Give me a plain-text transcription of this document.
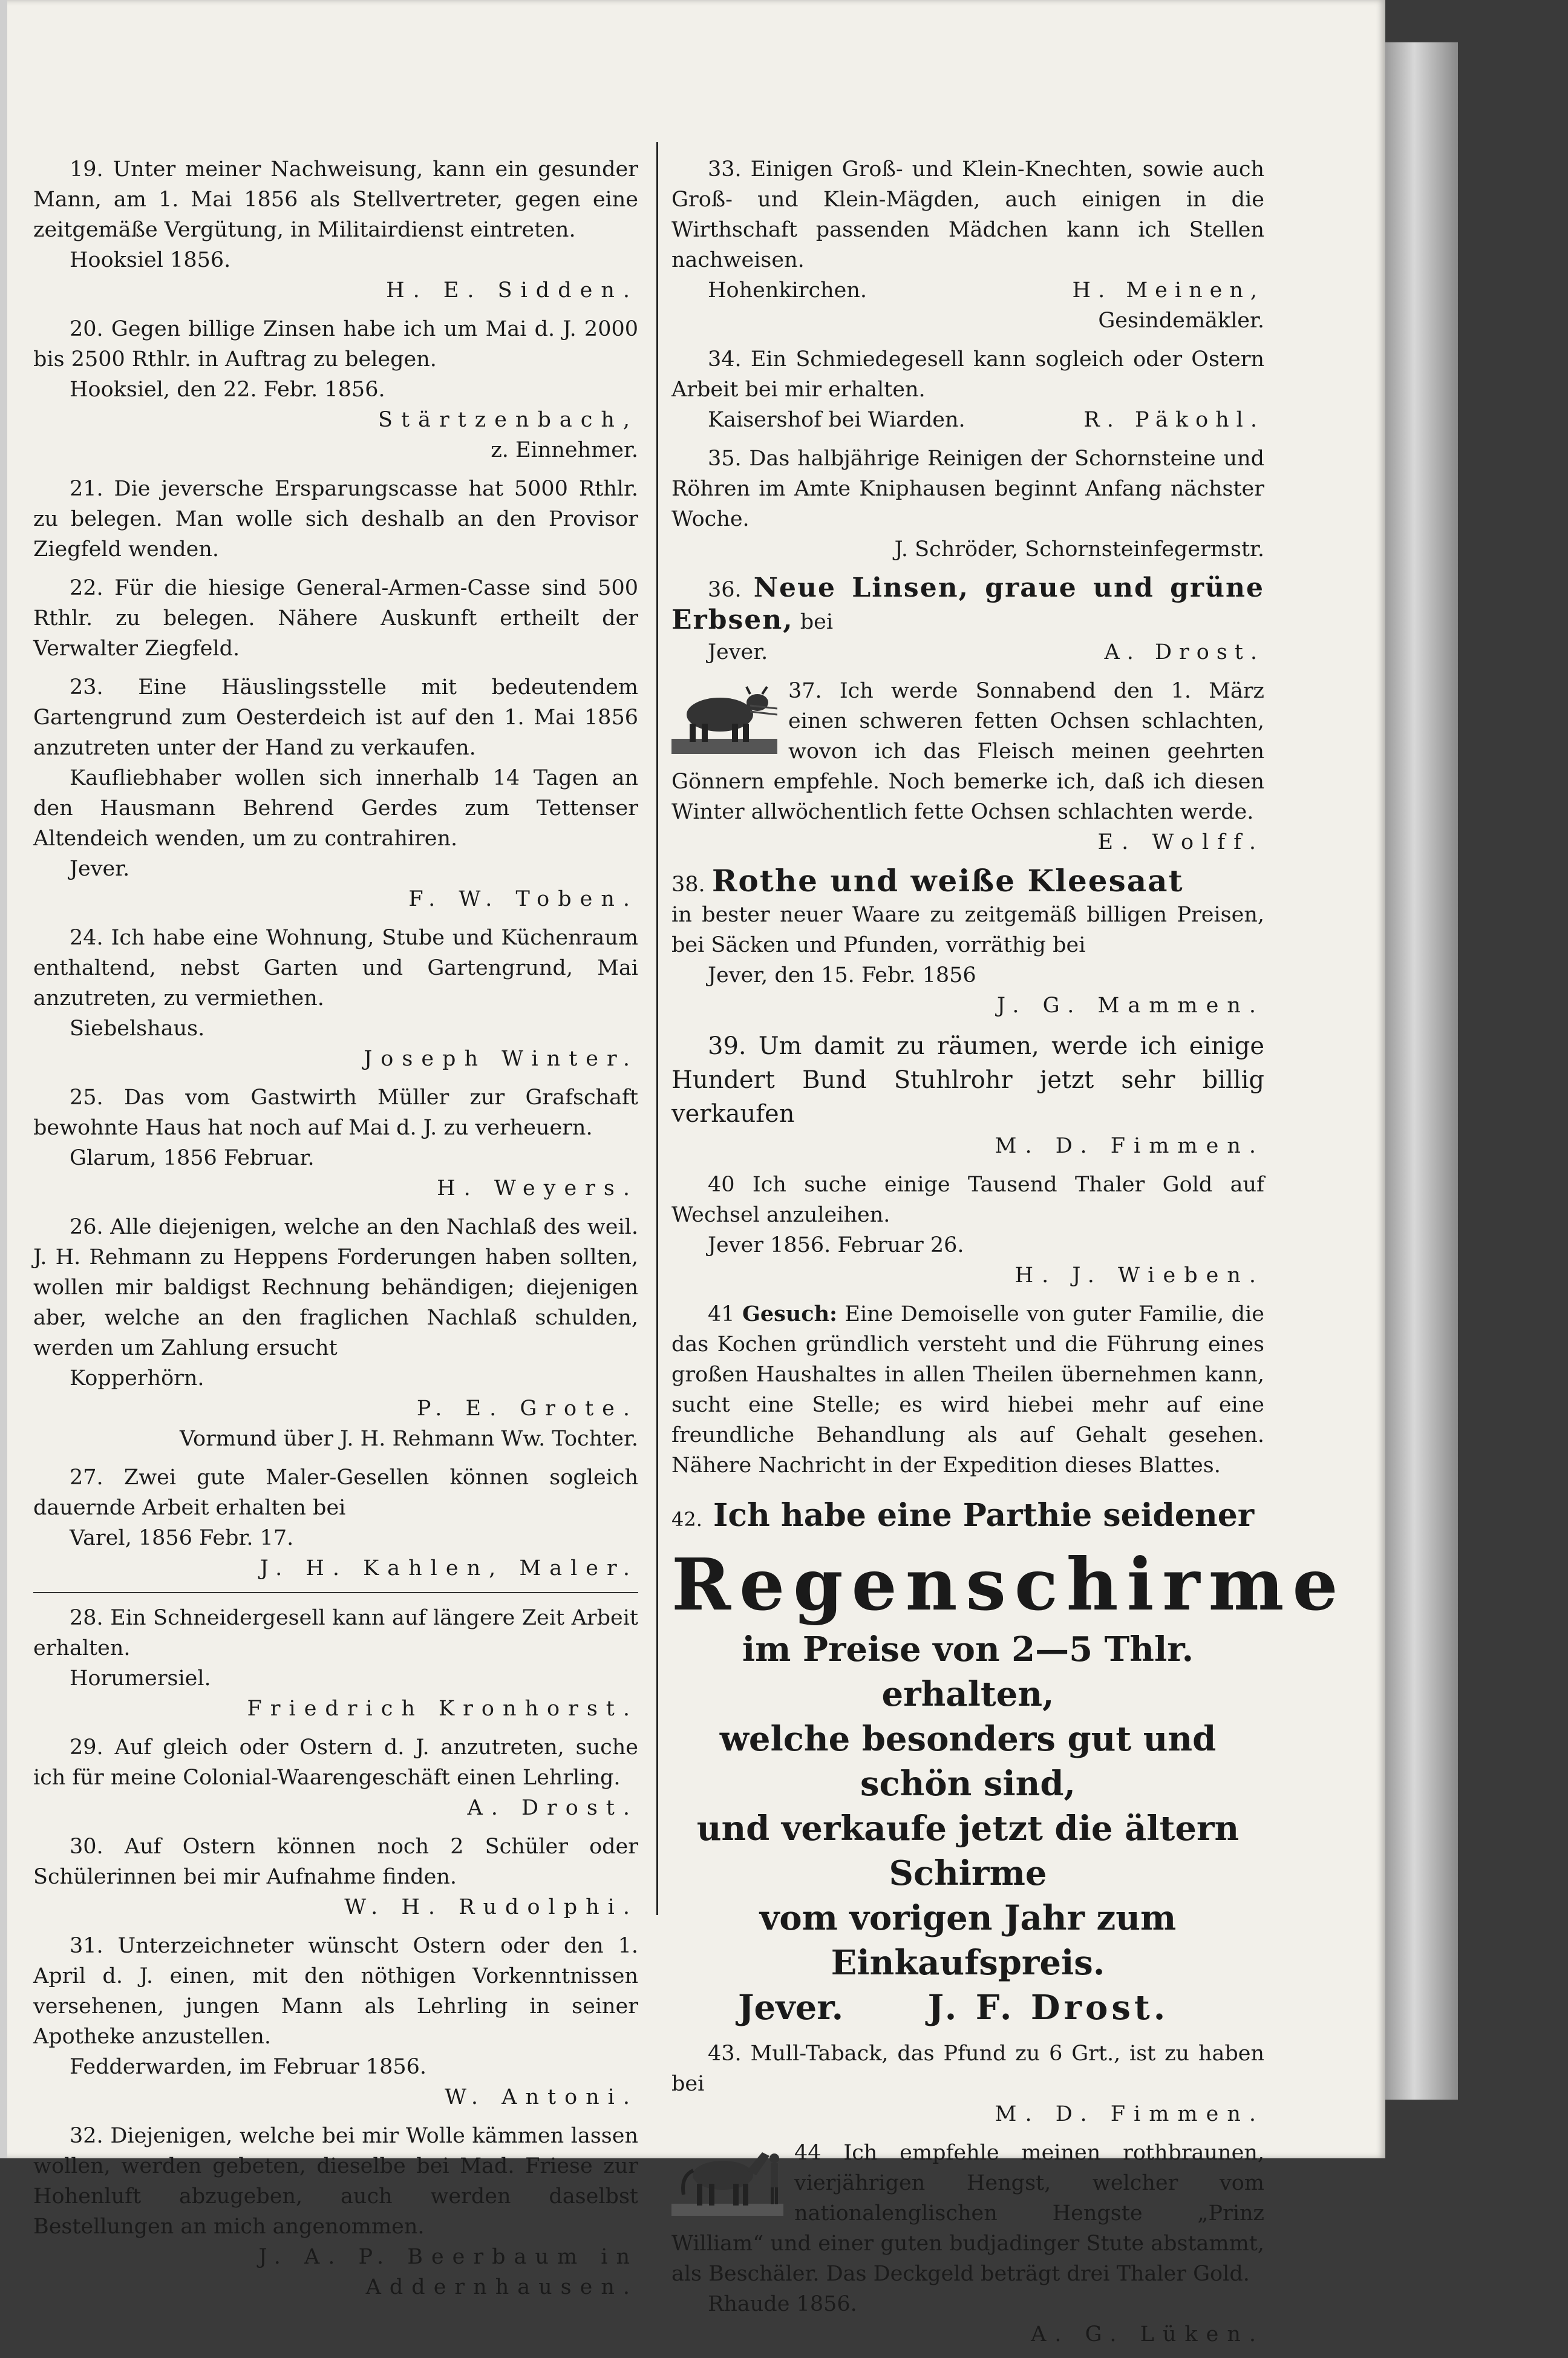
19. Unter meiner Nachweisung, kann ein gesunder Mann, am 1. Mai 1856 als Stellvertreter, gegen eine zeitgemäße Vergütung, in Militairdienst eintreten.

Hooksiel 1856.

H. E. Sidden.

20. Gegen billige Zinsen habe ich um Mai d. J. 2000 bis 2500 Rthlr. in Auftrag zu belegen.

Hooksiel, den 22. Febr. 1856.

Stärtzenbach,

z. Einnehmer.

21. Die jeversche Ersparungscasse hat 5000 Rthlr. zu belegen. Man wolle sich deshalb an den Provisor Ziegfeld wenden.

22. Für die hiesige General-Armen-Casse sind 500 Rthlr. zu belegen. Nähere Auskunft ertheilt der Verwalter Ziegfeld.

23. Eine Häuslingsstelle mit bedeutendem Gartengrund zum Oesterdeich ist auf den 1. Mai 1856 anzutreten unter der Hand zu verkaufen.

Kaufliebhaber wollen sich innerhalb 14 Tagen an den Hausmann Behrend Gerdes zum Tettenser Altendeich wenden, um zu contrahiren.

Jever.

F. W. Toben.

24. Ich habe eine Wohnung, Stube und Küchenraum enthaltend, nebst Garten und Gartengrund, Mai anzutreten, zu vermiethen.

Siebelshaus.

Joseph Winter.

25. Das vom Gastwirth Müller zur Grafschaft bewohnte Haus hat noch auf Mai d. J. zu verheuern.

Glarum, 1856 Februar.

H. Weyers.

26. Alle diejenigen, welche an den Nachlaß des weil. J. H. Rehmann zu Heppens Forderungen haben sollten, wollen mir baldigst Rechnung behändigen; diejenigen aber, welche an den fraglichen Nachlaß schulden, werden um Zahlung ersucht

Kopperhörn.

P. E. Grote.

Vormund über J. H. Rehmann Ww. Tochter.

27. Zwei gute Maler-Gesellen können sogleich dauernde Arbeit erhalten bei

Varel, 1856 Febr. 17.

J. H. Kahlen, Maler.

28. Ein Schneidergesell kann auf längere Zeit Arbeit erhalten.

Horumersiel.

Friedrich Kronhorst.

29. Auf gleich oder Ostern d. J. anzutreten, suche ich für meine Colonial-Waarengeschäft einen Lehrling.

A. Drost.

30. Auf Ostern können noch 2 Schüler oder Schülerinnen bei mir Aufnahme finden.

W. H. Rudolphi.

31. Unterzeichneter wünscht Ostern oder den 1. April d. J. einen, mit den nöthigen Vorkenntnissen versehenen, jungen Mann als Lehrling in seiner Apotheke anzustellen.

Fedderwarden, im Februar 1856.

W. Antoni.

32. Diejenigen, welche bei mir Wolle kämmen lassen wollen, werden gebeten, dieselbe bei Mad. Friese zur Hohenluft abzugeben, auch werden daselbst Bestellungen an mich angenommen.

J. A. P. Beerbaum in Addernhausen.

33. Einigen Groß- und Klein-Knechten, sowie auch Groß- und Klein-Mägden, auch einigen in die Wirthschaft passenden Mädchen kann ich Stellen nachweisen.

Hohenkirchen.	H. Meinen,

Gesindemäkler.

34. Ein Schmiedegesell kann sogleich oder Ostern Arbeit bei mir erhalten.

Kaisershof bei Wiarden.	R. Päkohl.

35. Das halbjährige Reinigen der Schornsteine und Röhren im Amte Kniphausen beginnt Anfang nächster Woche.

J. Schröder, Schornsteinfegermstr.

36. Neue Linsen, graue und grüne Erbsen, bei

Jever.	A. Drost.

37. Ich werde Sonnabend den 1. März einen schweren fetten Ochsen schlachten, wovon ich das Fleisch meinen geehrten Gönnern empfehle. Noch bemerke ich, daß ich diesen Winter allwöchentlich fette Ochsen schlachten werde.

E. Wolff.

38. Rothe und weiße Kleesaat

in bester neuer Waare zu zeitgemäß billigen Preisen, bei Säcken und Pfunden, vorräthig bei

Jever, den 15. Febr. 1856

J. G. Mammen.

39. Um damit zu räumen, werde ich einige Hundert Bund Stuhlrohr jetzt sehr billig verkaufen

M. D. Fimmen.

40 Ich suche einige Tausend Thaler Gold auf Wechsel anzuleihen.

Jever 1856. Februar 26.

H. J. Wieben.

41 Gesuch: Eine Demoiselle von guter Familie, die das Kochen gründlich versteht und die Führung eines großen Haushaltes in allen Theilen übernehmen kann, sucht eine Stelle; es wird hiebei mehr auf eine freundliche Behandlung als auf Gehalt gesehen. Nähere Nachricht in der Expedition dieses Blattes.

42. Ich habe eine Parthie seidener

Regenschirme
im Preise von 2—5 Thlr. erhalten,
welche besonders gut und schön sind,
und verkaufe jetzt die ältern Schirme
vom vorigen Jahr zum Einkaufspreis.
Jever. J. F. Drost.

43. Mull-Taback, das Pfund zu 6 Grt., ist zu haben bei

M. D. Fimmen.

44 Ich empfehle meinen rothbraunen, vierjährigen Hengst, welcher vom nationalenglischen Hengste „Prinz William“ und einer guten budjadinger Stute abstammt, als Beschäler. Das Deckgeld beträgt drei Thaler Gold.

Rhaude 1856.

A. G. Lüken.
